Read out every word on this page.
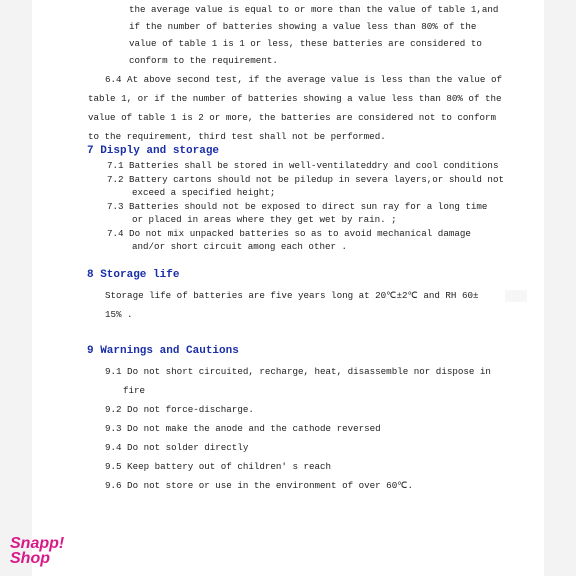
the average value is equal to or more than the value of table 1,and
if the number of batteries showing a value less than 80% of the
value of table 1 is 1 or less, these batteries are considered to
conform to the requirement.
6.4 At above second test, if the average value is less than the value of
table 1, or if the number of batteries showing a value less than 80% of the
value of table 1 is 2 or more, the batteries are considered not to conform
to the requirement, third test shall not be performed.
7 Disply and storage
7.1 Batteries shall be stored in well-ventilateddry and cool conditions
7.2 Battery cartons should not be piledup in severa layers,or should not
exceed a specified height;
7.3 Batteries should not be exposed to direct sun ray for a long time
or placed in areas where they get wet by rain. ;
7.4 Do not mix unpacked batteries so as to avoid mechanical damage
and/or short circuit among each other .
8 Storage life
Storage life of batteries are five years long at 20℃±2℃ and RH 60±
15% .
9 Warnings and Cautions
9.1 Do not short circuited, recharge, heat, disassemble nor dispose in
fire
9.2 Do not force-discharge.
9.3 Do not make the anode and the cathode reversed
9.4 Do not solder directly
9.5 Keep battery out of children' s reach
9.6 Do not store or use in the environment of over 60℃.
Snapp!
Shop
